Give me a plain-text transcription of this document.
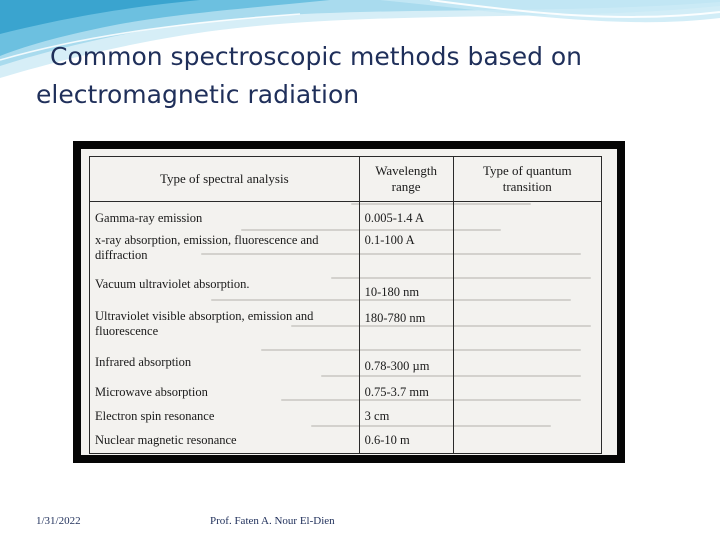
Common spectroscopic methods based on
electromagnetic radiation
Type of spectral analysis	Wavelength range	Type of quantum transition
Gamma-ray emission	0.005-1.4 A	
x-ray absorption, emission, fluorescence and diffraction	0.1-100 A	
Vacuum ultraviolet absorption.	10-180 nm	
Ultraviolet visible absorption, emission and fluorescence	180-780 nm	
Infrared absorption	0.78-300 µm	
Microwave absorption	0.75-3.7 mm	
Electron spin resonance	3 cm	
Nuclear magnetic resonance	0.6-10 m	
1/31/2022	Prof. Faten A. Nour El-Dien
